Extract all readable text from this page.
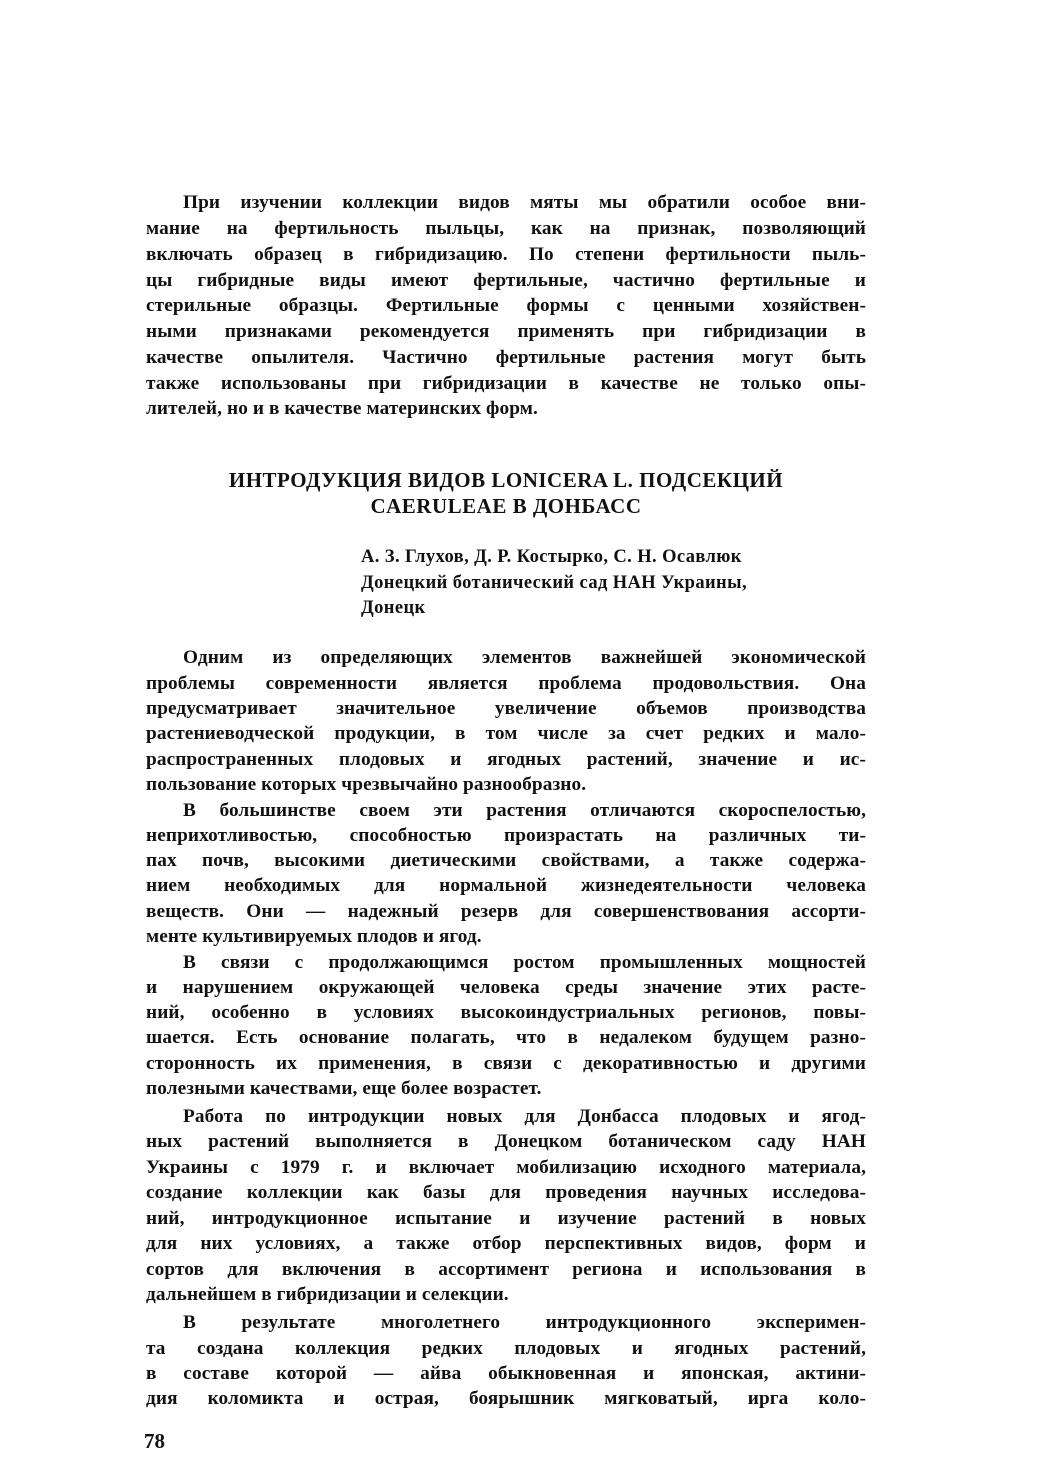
При изучении коллекции видов мяты мы обратили особое вни-
мание на фертильность пыльцы, как на признак, позволяющий
включать образец в гибридизацию. По степени фертильности пыль-
цы гибридные виды имеют фертильные, частично фертильные и
стерильные образцы. Фертильные формы с ценными хозяйствен-
ными признаками рекомендуется применять при гибридизации в
качестве опылителя. Частично фертильные растения могут быть
также использованы при гибридизации в качестве не только опы-
лителей, но и в качестве материнских форм.
ИНТРОДУКЦИЯ ВИДОВ LONICERA L. ПОДСЕКЦИЙ
CAERULEAE В ДОНБАСС
А. З. Глухов, Д. Р. Костырко, С. Н. Осавлюк
Донецкий ботанический сад НАН Украины,
Донецк
Одним из определяющих элементов важнейшей экономической
проблемы современности является проблема продовольствия. Она
предусматривает значительное увеличение объемов производства
растениеводческой продукции, в том числе за счет редких и мало-
распространенных плодовых и ягодных растений, значение и ис-
пользование которых чрезвычайно разнообразно.
В большинстве своем эти растения отличаются скороспелостью,
неприхотливостью, способностью произрастать на различных ти-
пах почв, высокими диетическими свойствами, а также содержа-
нием необходимых для нормальной жизнедеятельности человека
веществ. Они — надежный резерв для совершенствования ассорти-
менте культивируемых плодов и ягод.
В связи с продолжающимся ростом промышленных мощностей
и нарушением окружающей человека среды значение этих расте-
ний, особенно в условиях высокоиндустриальных регионов, повы-
шается. Есть основание полагать, что в недалеком будущем разно-
сторонность их применения, в связи с декоративностью и другими
полезными качествами, еще более возрастет.
Работа по интродукции новых для Донбасса плодовых и ягод-
ных растений выполняется в Донецком ботаническом саду НАН
Украины с 1979 г. и включает мобилизацию исходного материала,
создание коллекции как базы для проведения научных исследова-
ний, интродукционное испытание и изучение растений в новых
для них условиях, а также отбор перспективных видов, форм и
сортов для включения в ассортимент региона и использования в
дальнейшем в гибридизации и селекции.
В результате многолетнего интродукционного эксперимен-
та создана коллекция редких плодовых и ягодных растений,
в составе которой — айва обыкновенная и японская, актини-
дия коломикта и острая, боярышник мягковатый, ирга коло-
78
